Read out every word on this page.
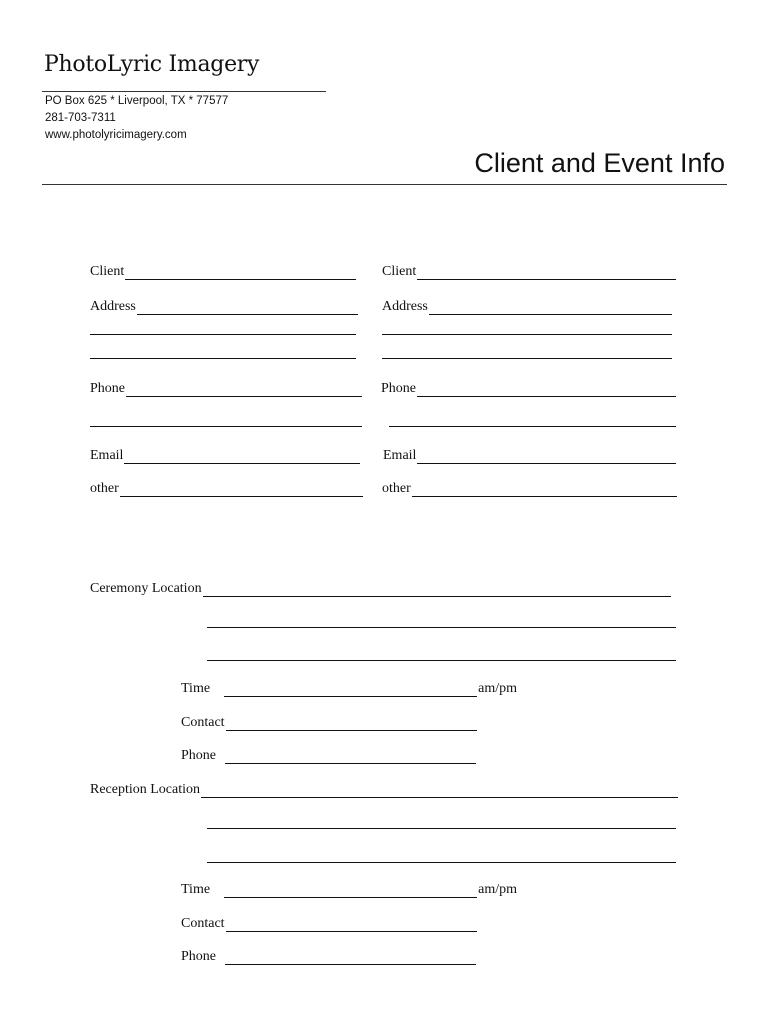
PhotoLyric Imagery
PO Box 625 * Liverpool, TX * 77577
281-703-7311
www.photolyricimagery.com
Client and Event Info
Client
Address
Phone
Email
other
Client
Address
Phone
Email
other
Ceremony Location
Time	am/pm
Contact
Phone
Reception Location
Time	am/pm
Contact
Phone
